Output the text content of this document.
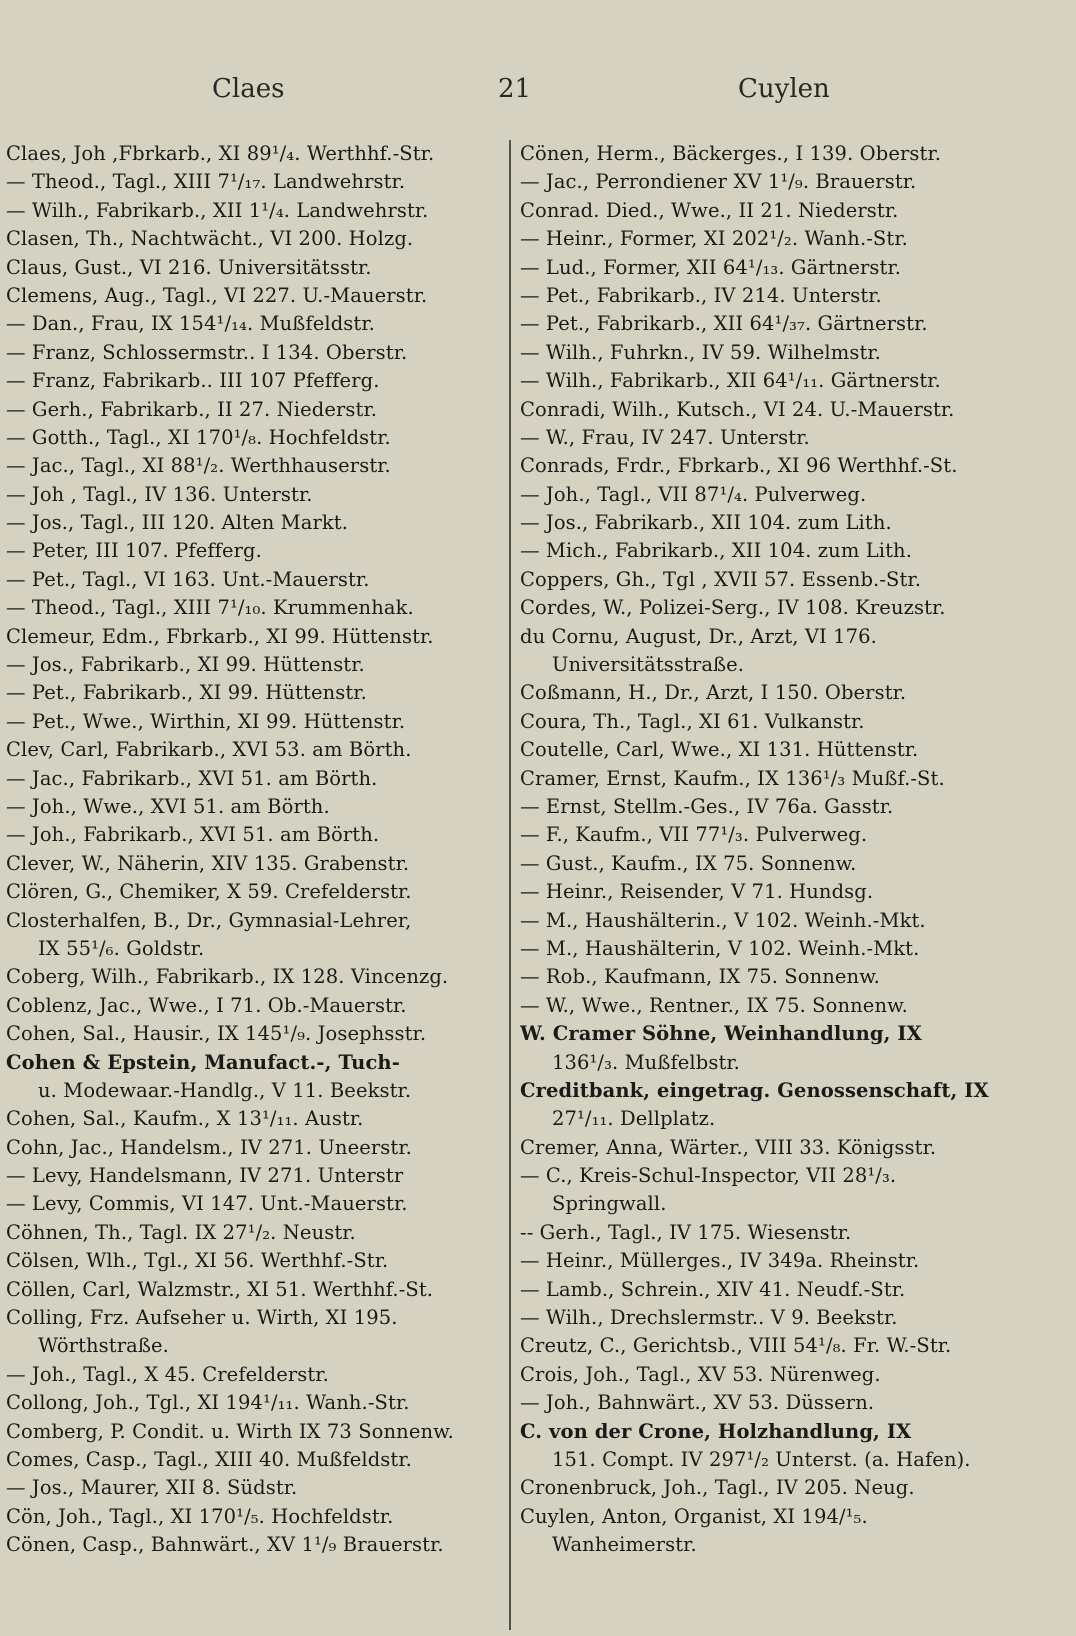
Claes	21	Cuylen
Claes, Joh ,Fbrkarb., XI 89¹/₄. Werthhf.-Str.
— Theod., Tagl., XIII 7¹/₁₇. Landwehrstr.
— Wilh., Fabrikarb., XII 1¹/₄. Landwehrstr.
Clasen, Th., Nachtwächt., VI 200. Holzg.
Claus, Gust., VI 216. Universitätsstr.
Clemens, Aug., Tagl., VI 227. U.-Mauerstr.
— Dan., Frau, IX 154¹/₁₄. Mußfeldstr.
— Franz, Schlossermstr.. I 134. Oberstr.
— Franz, Fabrikarb.. III 107 Pfefferg.
— Gerh., Fabrikarb., II 27. Niederstr.
— Gotth., Tagl., XI 170¹/₈. Hochfeldstr.
— Jac., Tagl., XI 88¹/₂. Werthhauserstr.
— Joh , Tagl., IV 136. Unterstr.
— Jos., Tagl., III 120. Alten Markt.
— Peter, III 107. Pfefferg.
— Pet., Tagl., VI 163. Unt.-Mauerstr.
— Theod., Tagl., XIII 7¹/₁₀. Krummenhak.
Clemeur, Edm., Fbrkarb., XI 99. Hüttenstr.
— Jos., Fabrikarb., XI 99. Hüttenstr.
— Pet., Fabrikarb., XI 99. Hüttenstr.
— Pet., Wwe., Wirthin, XI 99. Hüttenstr.
Clev, Carl, Fabrikarb., XVI 53. am Börth.
— Jac., Fabrikarb., XVI 51. am Börth.
— Joh., Wwe., XVI 51. am Börth.
— Joh., Fabrikarb., XVI 51. am Börth.
Clever, W., Näherin, XIV 135. Grabenstr.
Clören, G., Chemiker, X 59. Crefelderstr.
Closterhalfen, B., Dr., Gymnasial-Lehrer,
IX 55¹/₆. Goldstr.
Coberg, Wilh., Fabrikarb., IX 128. Vincenzg.
Coblenz, Jac., Wwe., I 71. Ob.-Mauerstr.
Cohen, Sal., Hausir., IX 145¹/₉. Josephsstr.
Cohen & Epstein, Manufact.-, Tuch-
u. Modewaar.-Handlg., V 11. Beekstr.
Cohen, Sal., Kaufm., X 13¹/₁₁. Austr.
Cohn, Jac., Handelsm., IV 271. Uneerstr.
— Levy, Handelsmann, IV 271. Unterstr
— Levy, Commis, VI 147. Unt.-Mauerstr.
Cöhnen, Th., Tagl. IX 27¹/₂. Neustr.
Cölsen, Wlh., Tgl., XI 56. Werthhf.-Str.
Cöllen, Carl, Walzmstr., XI 51. Werthhf.-St.
Colling, Frz. Aufseher u. Wirth, XI 195.
Wörthstraße.
— Joh., Tagl., X 45. Crefelderstr.
Collong, Joh., Tgl., XI 194¹/₁₁. Wanh.-Str.
Comberg, P. Condit. u. Wirth IX 73 Sonnenw.
Comes, Casp., Tagl., XIII 40. Mußfeldstr.
— Jos., Maurer, XII 8. Südstr.
Cön, Joh., Tagl., XI 170¹/₅. Hochfeldstr.
Cönen, Casp., Bahnwärt., XV 1¹/₉ Brauerstr.
Cönen, Herm., Bäckerges., I 139. Oberstr.
— Jac., Perrondiener XV 1¹/₉. Brauerstr.
Conrad. Died., Wwe., II 21. Niederstr.
— Heinr., Former, XI 202¹/₂. Wanh.-Str.
— Lud., Former, XII 64¹/₁₃. Gärtnerstr.
— Pet., Fabrikarb., IV 214. Unterstr.
— Pet., Fabrikarb., XII 64¹/₃₇. Gärtnerstr.
— Wilh., Fuhrkn., IV 59. Wilhelmstr.
— Wilh., Fabrikarb., XII 64¹/₁₁. Gärtnerstr.
Conradi, Wilh., Kutsch., VI 24. U.-Mauerstr.
— W., Frau, IV 247. Unterstr.
Conrads, Frdr., Fbrkarb., XI 96 Werthhf.-St.
— Joh., Tagl., VII 87¹/₄. Pulverweg.
— Jos., Fabrikarb., XII 104. zum Lith.
— Mich., Fabrikarb., XII 104. zum Lith.
Coppers, Gh., Tgl , XVII 57. Essenb.-Str.
Cordes, W., Polizei-Serg., IV 108. Kreuzstr.
du Cornu, August, Dr., Arzt, VI 176.
Universitätsstraße.
Coßmann, H., Dr., Arzt, I 150. Oberstr.
Coura, Th., Tagl., XI 61. Vulkanstr.
Coutelle, Carl, Wwe., XI 131. Hüttenstr.
Cramer, Ernst, Kaufm., IX 136¹/₃ Mußf.-St.
— Ernst, Stellm.-Ges., IV 76a. Gasstr.
— F., Kaufm., VII 77¹/₃. Pulverweg.
— Gust., Kaufm., IX 75. Sonnenw.
— Heinr., Reisender, V 71. Hundsg.
— M., Haushälterin., V 102. Weinh.-Mkt.
— M., Haushälterin, V 102. Weinh.-Mkt.
— Rob., Kaufmann, IX 75. Sonnenw.
— W., Wwe., Rentner., IX 75. Sonnenw.
W. Cramer Söhne, Weinhandlung, IX
136¹/₃. Mußfelbstr.
Creditbank, eingetrag. Genossenschaft, IX
27¹/₁₁. Dellplatz.
Cremer, Anna, Wärter., VIII 33. Königsstr.
— C., Kreis-Schul-Inspector, VII 28¹/₃.
Springwall.
-- Gerh., Tagl., IV 175. Wiesenstr.
— Heinr., Müllerges., IV 349a. Rheinstr.
— Lamb., Schrein., XIV 41. Neudf.-Str.
— Wilh., Drechslermstr.. V 9. Beekstr.
Creutz, C., Gerichtsb., VIII 54¹/₈. Fr. W.-Str.
Crois, Joh., Tagl., XV 53. Nürenweg.
— Joh., Bahnwärt., XV 53. Düssern.
C. von der Crone, Holzhandlung, IX
151. Compt. IV 297¹/₂ Unterst. (a. Hafen).
Cronenbruck, Joh., Tagl., IV 205. Neug.
Cuylen, Anton, Organist, XI 194/¹₅.
Wanheimerstr.
